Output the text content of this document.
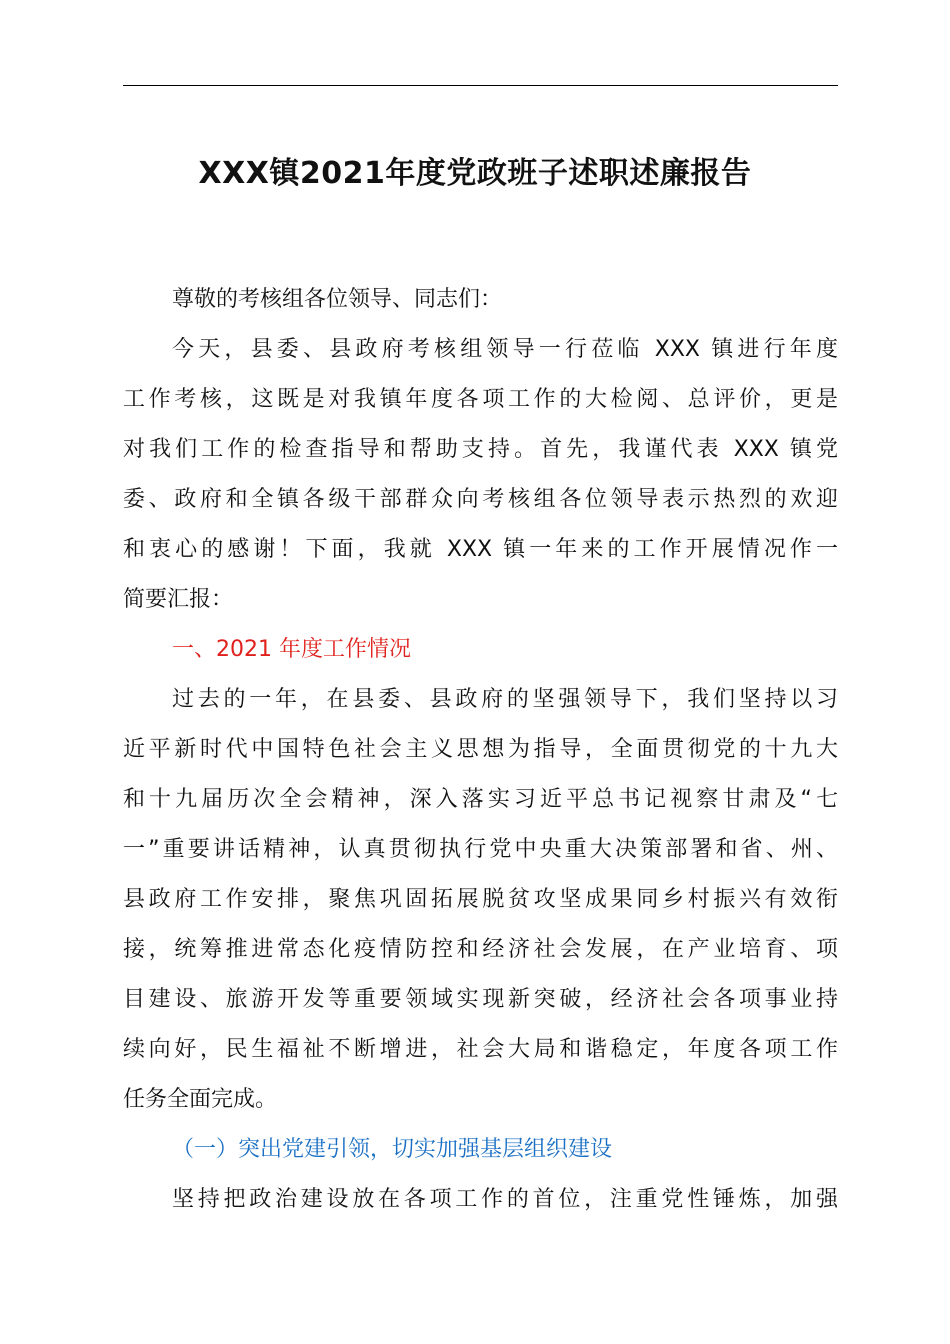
XXX镇2021年度党政班子述职述廉报告
尊敬的考核组各位领导、同志们：
今天，县委、县政府考核组领导一行莅临 XXX 镇进行年度
工作考核，这既是对我镇年度各项工作的大检阅、总评价，更是
对我们工作的检查指导和帮助支持。首先，我谨代表 XXX 镇党
委、政府和全镇各级干部群众向考核组各位领导表示热烈的欢迎
和衷心的感谢！下面，我就 XXX 镇一年来的工作开展情况作一
简要汇报：
一、2021 年度工作情况
过去的一年，在县委、县政府的坚强领导下，我们坚持以习
近平新时代中国特色社会主义思想为指导，全面贯彻党的十九大
和十九届历次全会精神，深入落实习近平总书记视察甘肃及“七
一”重要讲话精神，认真贯彻执行党中央重大决策部署和省、州、
县政府工作安排，聚焦巩固拓展脱贫攻坚成果同乡村振兴有效衔
接，统筹推进常态化疫情防控和经济社会发展，在产业培育、项
目建设、旅游开发等重要领域实现新突破，经济社会各项事业持
续向好，民生福祉不断增进，社会大局和谐稳定，年度各项工作
任务全面完成。
（一）突出党建引领，切实加强基层组织建设
坚持把政治建设放在各项工作的首位，注重党性锤炼，加强
